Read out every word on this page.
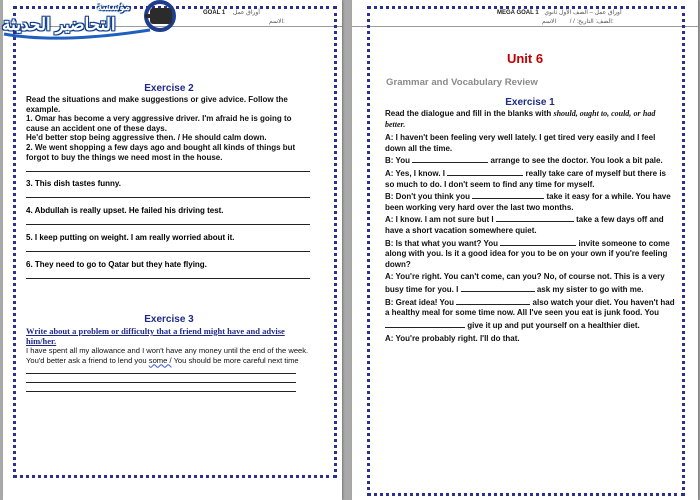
GOAL 1 أوراق عمل
الاسم:

Exercise 2

Read the situations and make suggestions or give advice. Follow the example.

1. Omar has become a very aggressive driver. I'm afraid he is going to cause an accident one of these days.

He'd better stop being aggressive then. / He should calm down.

2. We went shopping a few days ago and bought all kinds of things but forgot to buy the things we need most in the house.

3. This dish tastes funny.
4. Abdullah is really upset. He failed his driving test.
5. I keep putting on weight. I am really worried about it.
6. They need to go to Qatar but they hate flying.

Exercise 3

Write about a problem or difficulty that a friend might have and advise him/her.

I have spent all my allowance and I won't have any money until the end of the week. You'd better ask a friend to lend you some / You should be more careful next time
مؤسسة
التحاضير الحديثة
MEGA GOAL 1 أوراق عمل – الصف الأول ثانوي
الصف: التاريخ: / / الاسم:
Unit 6
Grammar and Vocabulary Review

Exercise 1

Read the dialogue and fill in the blanks with should, ought to, could, or had better.

A: I haven't been feeling very well lately. I get tired very easily and I feel down all the time.

B: You	arrange to see the doctor. You look a bit pale.

A: Yes, I know. I	really take care of myself but there is so much to do. I don't seem to find any time for myself.

B: Don't you think you	take it easy for a while. You have been working very hard over the last two months.

A: I know. I am not sure but I	take a few days off and have a short vacation somewhere quiet.

B: Is that what you want? You	invite someone to come along with you. Is it a good idea for you to be on your own if you're feeling down?

A: You're right. You can't come, can you? No, of course not. This is a very busy time for you. I	ask my sister to go with me.

B: Great idea! You	also watch your diet. You haven't had a healthy meal for some time now. All I've seen you eat is junk food. You  give it up and put yourself on a healthier diet.

A: You're probably right. I'll do that.
